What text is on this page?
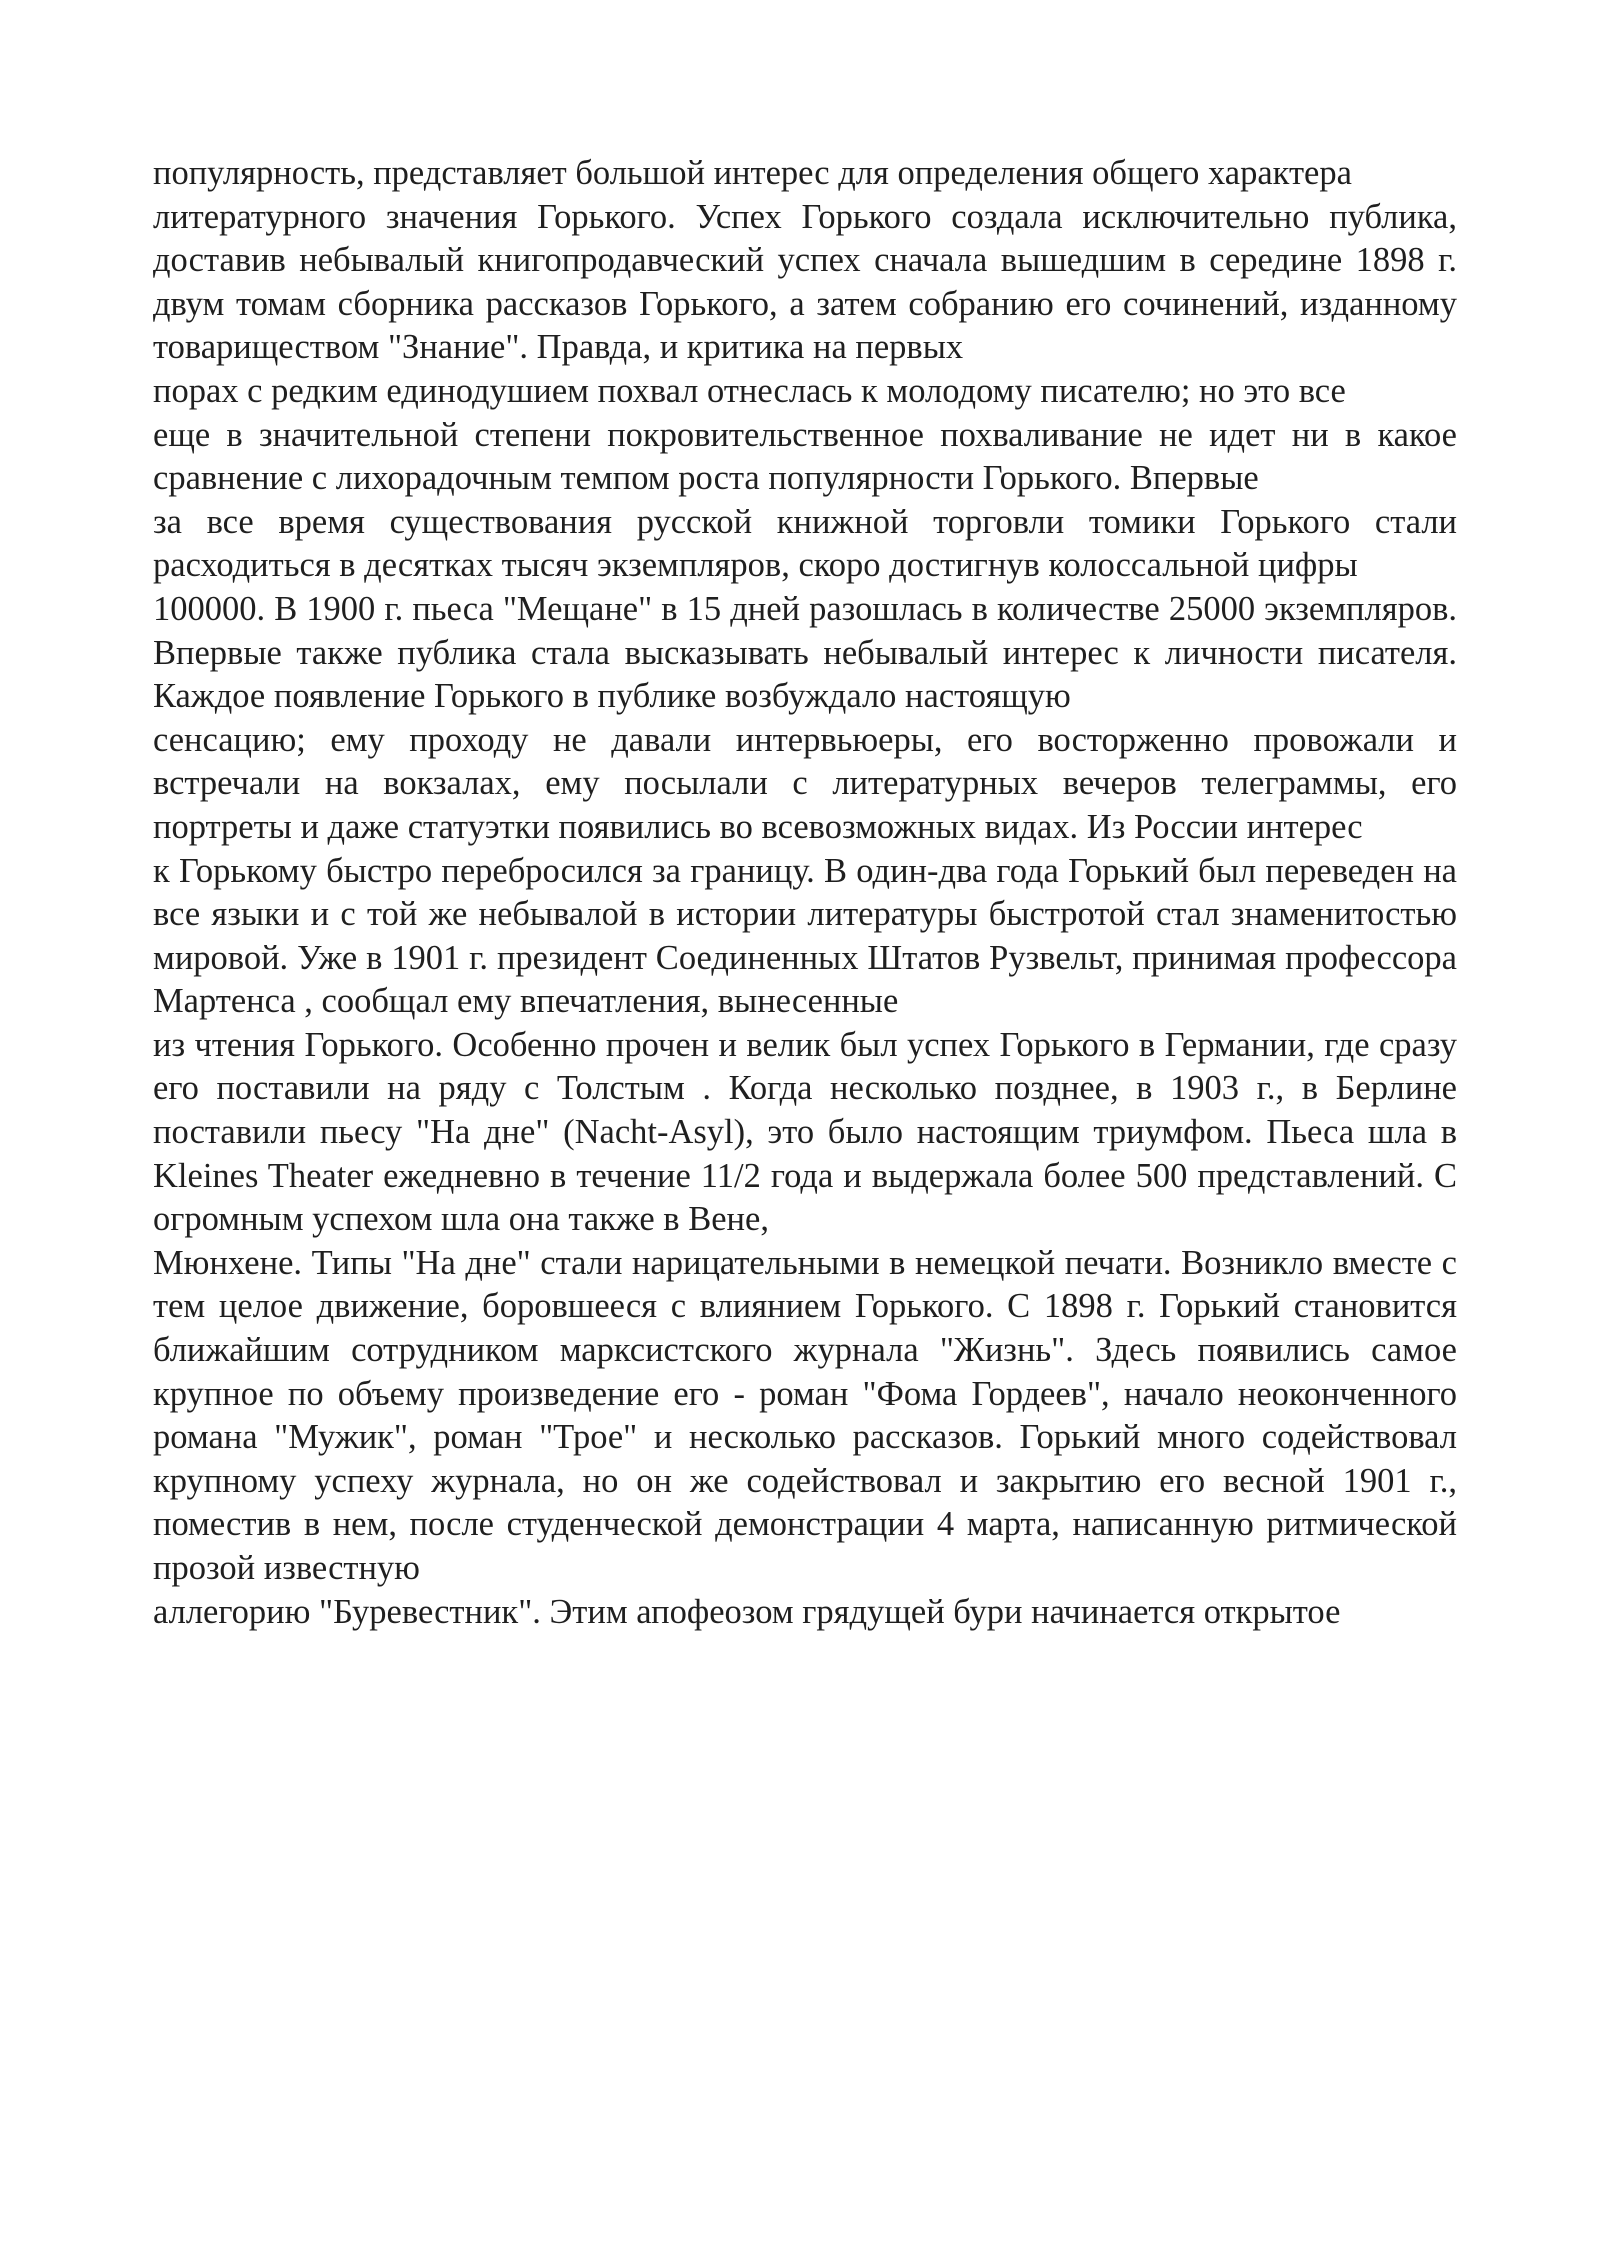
популярность, представляет большой интерес для определения общего характера

литературного значения Горького. Успех Горького создала исключительно публика, доставив небывалый книгопродавческий успех сначала вышедшим в середине 1898 г. двум томам сборника рассказов Горького, а затем собранию его сочинений, изданному товариществом "Знание". Правда, и критика на первых

порах с редким единодушием похвал отнеслась к молодому писателю; но это все

еще в значительной степени покровительственное похваливание не идет ни в какое сравнение с лихорадочным темпом роста популярности Горького. Впервые

за все время существования русской книжной торговли томики Горького стали расходиться в десятках тысяч экземпляров, скоро достигнув колоссальной цифры

100000. В 1900 г. пьеса "Мещане" в 15 дней разошлась в количестве 25000 экземпляров. Впервые также публика стала высказывать небывалый интерес к личности писателя. Каждое появление Горького в публике возбуждало настоящую

сенсацию; ему проходу не давали интервьюеры, его восторженно провожали и встречали на вокзалах, ему посылали с литературных вечеров телеграммы, его портреты и даже статуэтки появились во всевозможных видах. Из России интерес

к Горькому быстро перебросился за границу. В один-два года Горький был переведен на все языки и с той же небывалой в истории литературы быстротой стал знаменитостью мировой. Уже в 1901 г. президент Соединенных Штатов Рузвельт, принимая профессора Мартенса , сообщал ему впечатления, вынесенные

из чтения Горького. Особенно прочен и велик был успех Горького в Германии, где сразу его поставили на ряду с Толстым . Когда несколько позднее, в 1903 г., в Берлине поставили пьесу "На дне" (Nacht-Asyl), это было настоящим триумфом. Пьеса шла в Kleines Theater ежедневно в течение 11/2 года и выдержала более 500 представлений. С огромным успехом шла она также в Вене,

Мюнхене. Типы "На дне" стали нарицательными в немецкой печати. Возникло вместе с тем целое движение, боровшееся с влиянием Горького. С 1898 г. Горький становится ближайшим сотрудником марксистского журнала "Жизнь". Здесь появились самое крупное по объему произведение его - роман "Фома Гордеев", начало неоконченного романа "Мужик", роман "Трое" и несколько рассказов. Горький много содействовал крупному успеху журнала, но он же содействовал и закрытию его весной 1901 г., поместив в нем, после студенческой демонстрации 4 марта, написанную ритмической прозой известную

аллегорию "Буревестник". Этим апофеозом грядущей бури начинается открытое
